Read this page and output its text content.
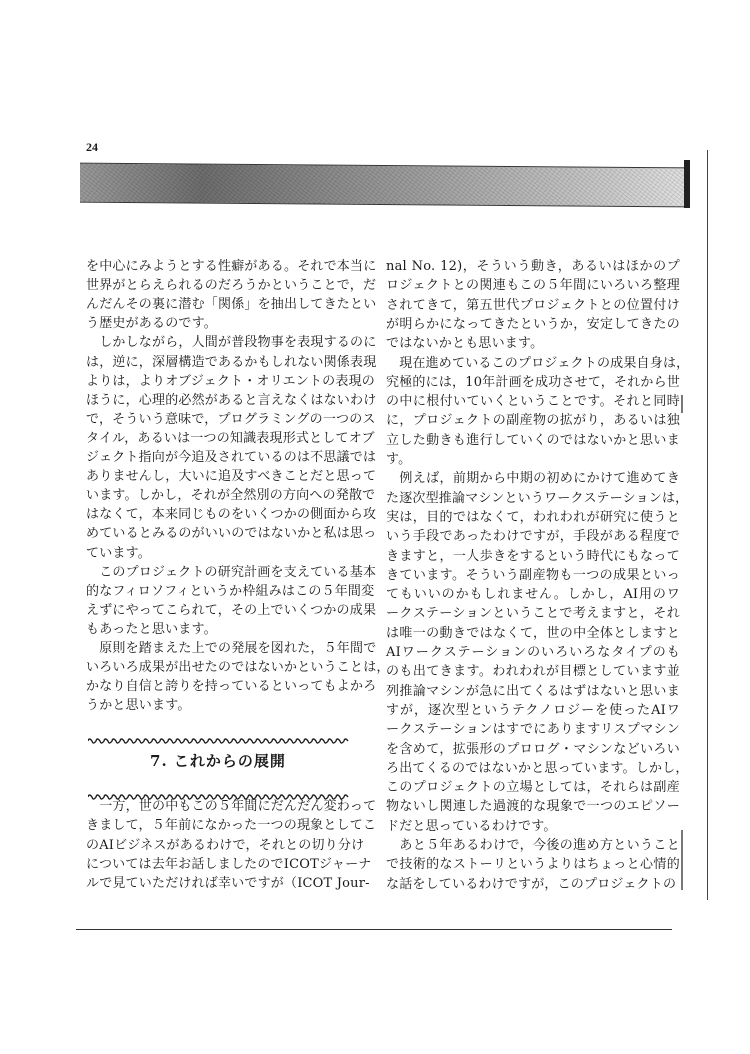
24
を中心にみようとする性癖がある。それで本当に
世界がとらえられるのだろうかということで，だ
んだんその裏に潜む「関係」を抽出してきたとい
う歴史があるのです。
　しかしながら，人間が普段物事を表現するのに
は，逆に，深層構造であるかもしれない関係表現
よりは，よりオブジェクト・オリエントの表現の
ほうに，心理的必然があると言えなくはないわけ
で，そういう意味で，プログラミングの一つのス
タイル，あるいは一つの知識表現形式としてオブ
ジェクト指向が今追及されているのは不思議では
ありませんし，大いに追及すべきことだと思って
います。しかし，それが全然別の方向への発散で
はなくて，本来同じものをいくつかの側面から攻
めているとみるのがいいのではないかと私は思っ
ています。
　このプロジェクトの研究計画を支えている基本
的なフィロソフィというか枠組みはこの５年間変
えずにやってこられて，その上でいくつかの成果
もあったと思います。
　原則を踏まえた上での発展を図れた，５年間で
いろいろ成果が出せたのではないかということは，
かなり自信と誇りを持っているといってもよかろ
うかと思います。
　一方，世の中もこの５年間にだんだん変わって
きまして，５年前になかった一つの現象としてこ
のAIビジネスがあるわけで，それとの切り分け
については去年お話しましたのでICOTジャーナ
ルで見ていただければ幸いですが（ICOT Jour-
7. これからの展開
nal No. 12)，そういう動き，あるいはほかのプ
ロジェクトとの関連もこの５年間にいろいろ整理
されてきて，第五世代プロジェクトとの位置付け
が明らかになってきたというか，安定してきたの
ではないかとも思います。
　現在進めているこのプロジェクトの成果自身は，
究極的には，10年計画を成功させて，それから世
の中に根付いていくということです。それと同時
に，プロジェクトの副産物の拡がり，あるいは独
立した動きも進行していくのではないかと思いま
す。
　例えば，前期から中期の初めにかけて進めてき
た逐次型推論マシンというワークステーションは，
実は，目的ではなくて，われわれが研究に使うと
いう手段であったわけですが，手段がある程度で
きますと，一人歩きをするという時代にもなって
きています。そういう副産物も一つの成果といっ
てもいいのかもしれません。しかし，AI用のワ
ークステーションということで考えますと，それ
は唯一の動きではなくて，世の中全体としますと
AIワークステーションのいろいろなタイプのも
のも出てきます。われわれが目標としています並
列推論マシンが急に出てくるはずはないと思いま
すが，逐次型というテクノロジーを使ったAIワ
ークステーションはすでにありますリスプマシン
を含めて，拡張形のプロログ・マシンなどいろい
ろ出てくるのではないかと思っています。しかし，
このプロジェクトの立場としては，それらは副産
物ないし関連した過渡的な現象で一つのエピソー
ドだと思っているわけです。
　あと５年あるわけで，今後の進め方ということ
で技術的なストーリというよりはちょっと心情的
な話をしているわけですが，このプロジェクトの
